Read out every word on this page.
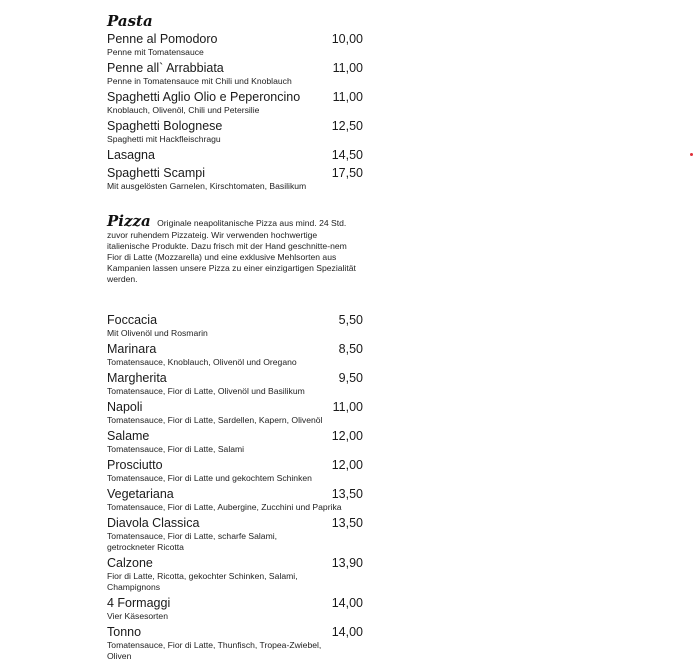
Pasta
Penne al Pomodoro	10,00
Penne mit Tomatensauce
Penne all` Arrabbiata	11,00
Penne in Tomatensauce mit Chili und Knoblauch
Spaghetti Aglio Olio e Peperoncino	11,00
Knoblauch, Olivenöl, Chili und Petersilie
Spaghetti Bolognese	12,50
Spaghetti mit Hackfleischragu
Lasagna	14,50
Spaghetti Scampi	17,50
Mit ausgelösten Garnelen, Kirschtomaten, Basilikum
Pizza Originale neapolitanische Pizza aus mind. 24 Std. zuvor ruhendem Pizzateig. Wir verwenden hochwertige italienische Produkte. Dazu frisch mit der Hand geschnitte-nem Fior di Latte (Mozzarella) und eine exklusive Mehlsorten aus Kampanien lassen unsere Pizza zu einer einzigartigen Spezialität werden.
Foccacia	5,50
Mit Olivenöl und Rosmarin
Marinara	8,50
Tomatensauce, Knoblauch, Olivenöl und Oregano
Margherita	9,50
Tomatensauce, Fior di Latte, Olivenöl und Basilikum
Napoli	11,00
Tomatensauce, Fior di Latte, Sardellen, Kapern, Olivenöl
Salame	12,00
Tomatensauce, Fior di Latte, Salami
Prosciutto	12,00
Tomatensauce, Fior di Latte und gekochtem Schinken
Vegetariana	13,50
Tomatensauce, Fior di Latte, Aubergine, Zucchini und Paprika
Diavola Classica	13,50
Tomatensauce, Fior di Latte, scharfe Salami, getrockneter Ricotta
Calzone	13,90
Fior di Latte, Ricotta, gekochter Schinken, Salami, Champignons
4 Formaggi	14,00
Vier Käsesorten
Tonno	14,00
Tomatensauce, Fior di Latte, Thunfisch, Tropea-Zwiebel, Oliven
